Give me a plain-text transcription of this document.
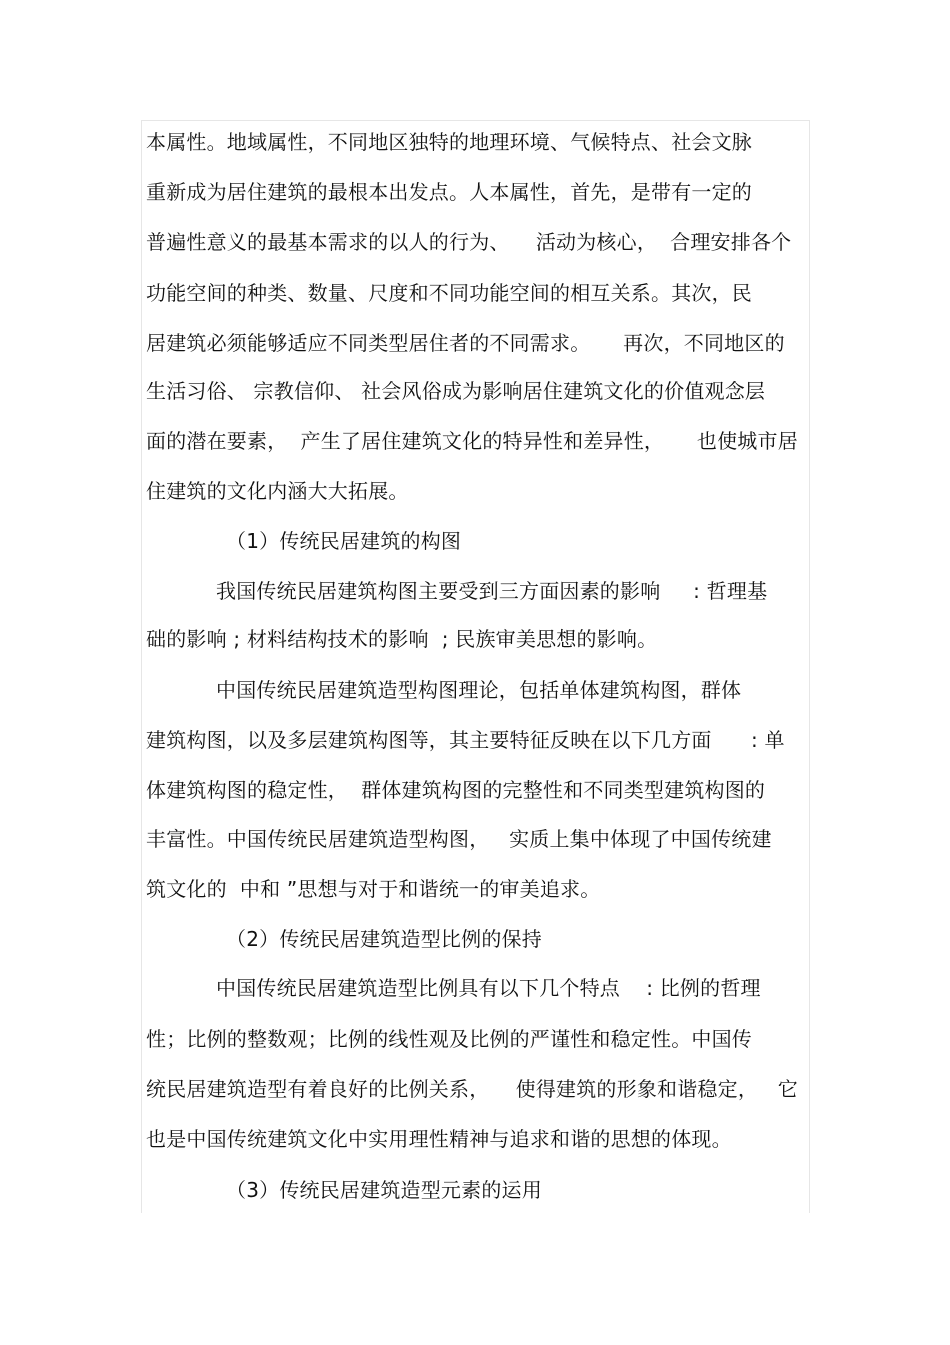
本属性。地域属性，不同地区独特的地理环境、气候特点、社会文脉
重新成为居住建筑的最根本出发点。人本属性，首先，是带有一定的
普遍性意义的最基本需求的以人的行为、    活动为核心，  合理安排各个
功能空间的种类、数量、尺度和不同功能空间的相互关系。其次，民
居建筑必须能够适应不同类型居住者的不同需求。     再次，不同地区的
生活习俗、 宗教信仰、 社会风俗成为影响居住建筑文化的价值观念层
面的潜在要素，  产生了居住建筑文化的特异性和差异性，     也使城市居
住建筑的文化内涵大大拓展。
（1）传统民居建筑的构图
我国传统民居建筑构图主要受到三方面因素的影响     : 哲理基
础的影响 ; 材料结构技术的影响  ; 民族审美思想的影响。
中国传统民居建筑造型构图理论，包括单体建筑构图，群体
建筑构图，以及多层建筑构图等，其主要特征反映在以下几方面      : 单
体建筑构图的稳定性，  群体建筑构图的完整性和不同类型建筑构图的
丰富性。中国传统民居建筑造型构图，   实质上集中体现了中国传统建
筑文化的  中和 ”思想与对于和谐统一的审美追求。
（2）传统民居建筑造型比例的保持
中国传统民居建筑造型比例具有以下几个特点    : 比例的哲理
性；比例的整数观；比例的线性观及比例的严谨性和稳定性。中国传
统民居建筑造型有着良好的比例关系，    使得建筑的形象和谐稳定，   它
也是中国传统建筑文化中实用理性精神与追求和谐的思想的体现。
（3）传统民居建筑造型元素的运用
